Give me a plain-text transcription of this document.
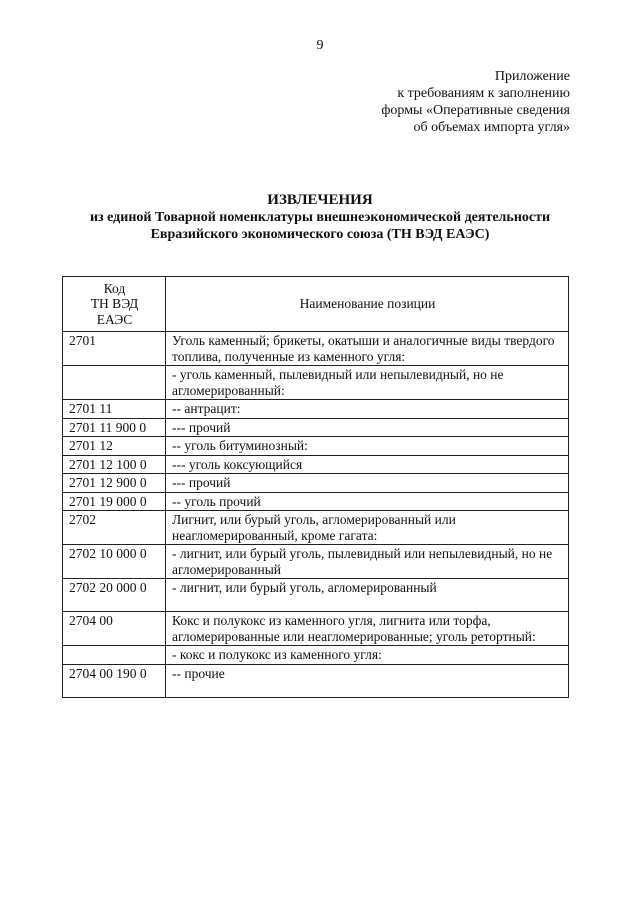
9
Приложение
к требованиям к заполнению
формы «Оперативные сведения
об объемах импорта угля»
ИЗВЛЕЧЕНИЯ
из единой Товарной номенклатуры внешнеэкономической деятельности
Евразийского экономического союза (ТН ВЭД ЕАЭС)
Код
ТН ВЭД
ЕАЭС	Наименование позиции
2701	Уголь каменный; брикеты, окатыши и аналогичные виды твердого топлива, полученные из каменного угля:
	- уголь каменный, пылевидный или непылевидный, но не агломерированный:
2701 11	-- антрацит:
2701 11 900 0	--- прочий
2701 12	-- уголь битуминозный:
2701 12 100 0	--- уголь коксующийся
2701 12 900 0	--- прочий
2701 19 000 0	-- уголь прочий
2702	Лигнит, или бурый уголь, агломерированный или неагломерированный, кроме гагата:
2702 10 000 0	- лигнит, или бурый уголь, пылевидный или непылевидный, но не агломерированный
2702 20 000 0	- лигнит, или бурый уголь, агломерированный
2704 00	Кокс и полукокс из каменного угля, лигнита или торфа, агломерированные или неагломерированные; уголь ретортный:
	- кокс и полукокс из каменного угля:
2704 00 190 0	-- прочие
